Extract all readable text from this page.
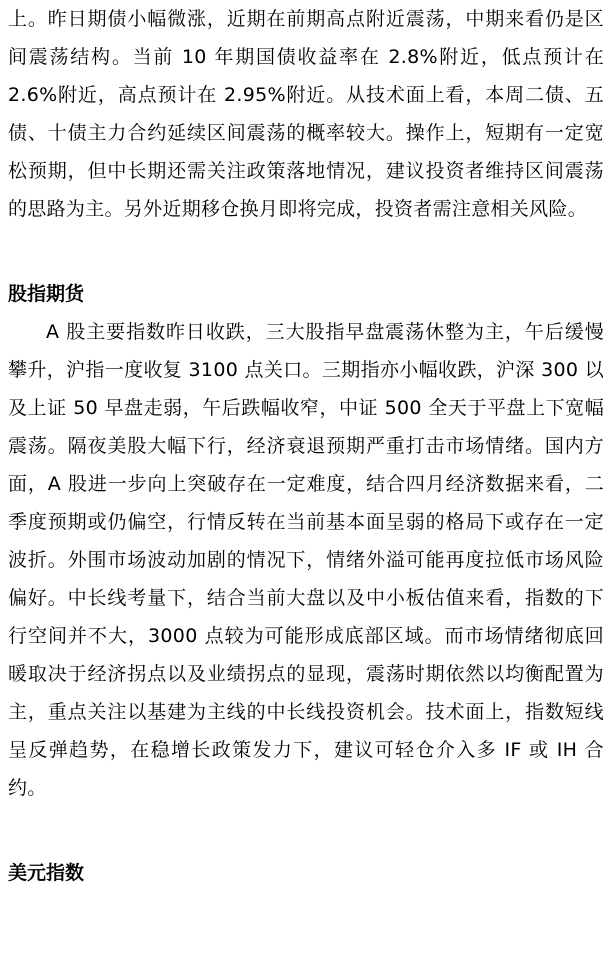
上。昨日期债小幅微涨，近期在前期高点附近震荡，中期来看仍是区间震荡结构。当前 10 年期国债收益率在 2.8%附近，低点预计在 2.6%附近，高点预计在 2.95%附近。从技术面上看，本周二债、五债、十债主力合约延续区间震荡的概率较大。操作上，短期有一定宽松预期，但中长期还需关注政策落地情况，建议投资者维持区间震荡的思路为主。另外近期移仓换月即将完成，投资者需注意相关风险。

股指期货

A 股主要指数昨日收跌，三大股指早盘震荡休整为主，午后缓慢攀升，沪指一度收复 3100 点关口。三期指亦小幅收跌，沪深 300 以及上证 50 早盘走弱，午后跌幅收窄，中证 500 全天于平盘上下宽幅震荡。隔夜美股大幅下行，经济衰退预期严重打击市场情绪。国内方面，A 股进一步向上突破存在一定难度，结合四月经济数据来看，二季度预期或仍偏空，行情反转在当前基本面呈弱的格局下或存在一定波折。外围市场波动加剧的情况下，情绪外溢可能再度拉低市场风险偏好。中长线考量下，结合当前大盘以及中小板估值来看，指数的下行空间并不大，3000 点较为可能形成底部区域。而市场情绪彻底回暖取决于经济拐点以及业绩拐点的显现，震荡时期依然以均衡配置为主，重点关注以基建为主线的中长线投资机会。技术面上，指数短线呈反弹趋势，在稳增长政策发力下，建议可轻仓介入多 IF 或 IH 合约。

美元指数
